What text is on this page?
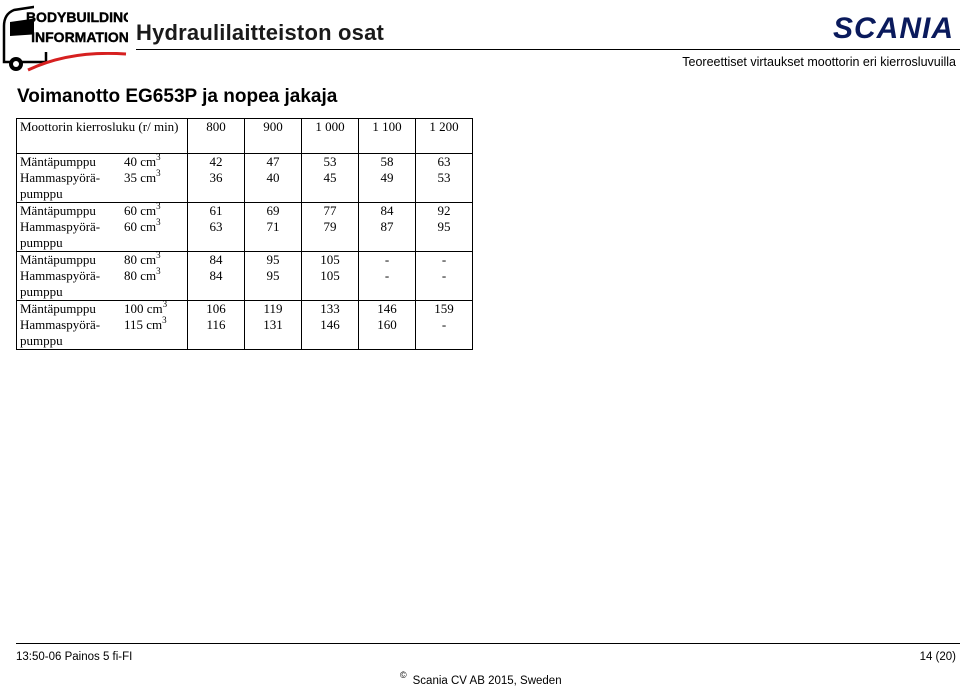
BODYBUILDING
INFORMATION Hydraulilaitteiston osat	SCANIA
Teoreettiset virtaukset moottorin eri kierrosluvuilla
Voimanotto EG653P ja nopea jakaja
Moottorin kierrosluku (r/ min)		800	900	1 000	1 100	1 200
Mäntäpumppu	40 $cm^3$	42	47	53	58	63
Hammaspyörä- pumppu	35 $cm^3$	36	40	45	49	53
Mäntäpumppu	60 $cm^3$	61	69	77	84	92
Hammaspyörä- pumppu	60 $cm^3$	63	71	79	87	95
Mäntäpumppu	80 $cm^3$	84	95	105	-	-
Hammaspyörä- pumppu	80 $cm^3$	84	95	105	-	-
Mäntäpumppu	100 $cm^3$	106	119	133	146	159
Hammaspyörä- pumppu	115 $cm^3$	116	131	146	160	-
13:50-06 Painos 5 fi-FI	14 (20)
© Scania CV AB 2015, Sweden
